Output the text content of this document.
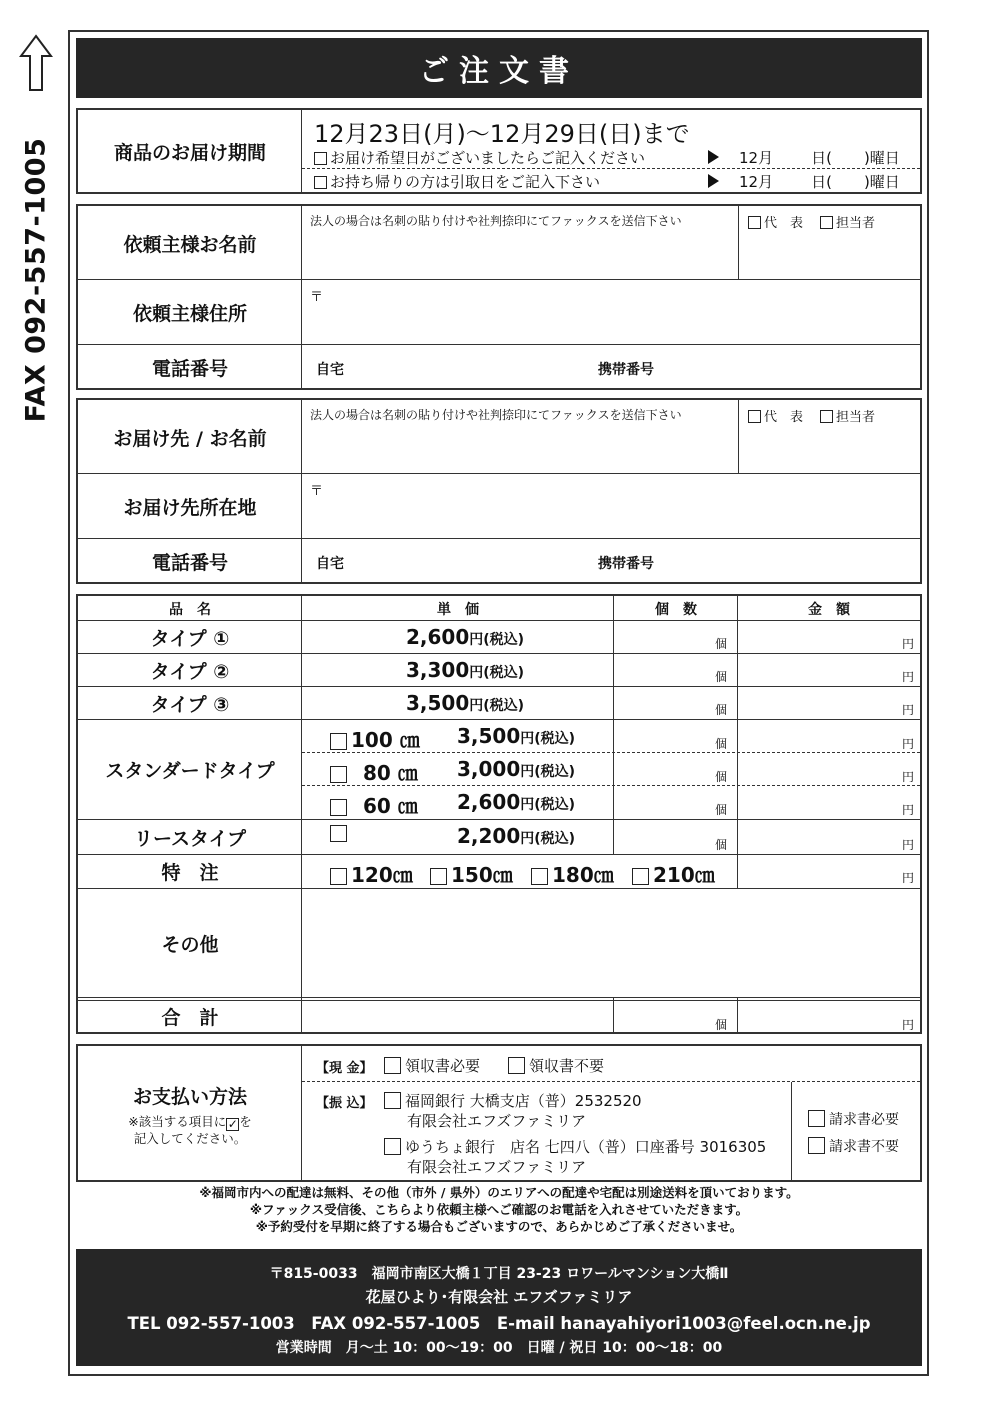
FAX 092-557-1005
ご注文書
商品のお届け期間
12月23日(月)〜12月29日(日)まで
お届け希望日がございましたらご記入ください	12月	日( )曜日
お持ち帰りの方は引取日をご記入下さい	12月	日( )曜日
依頼主様お名前
法人の場合は名刺の貼り付けや社判捺印にてファックスを送信下さい	代　表	担当者
依頼主様住所
〒
電話番号	自宅	携帯番号
お届け先 / お名前
法人の場合は名刺の貼り付けや社判捺印にてファックスを送信下さい	代　表	担当者
お届け先所在地
〒
電話番号	自宅	携帯番号
品　名	単　価	個　数	金　額
タイプ ①	2,600円(税込)	個	円
タイプ ②	3,300円(税込)	個	円
タイプ ③	3,500円(税込)	個	円
スタンダードタイプ
100 ㎝ 3,500円(税込)	個	円
80 ㎝ 3,000円(税込)	個	円
60 ㎝ 2,600円(税込)	個	円
リースタイプ	2,200円(税込)	個	円
特　注	120㎝	150㎝	180㎝	210㎝	円
その他
合　計	個	円
お支払い方法
※該当する項目に✓を
記入してください。
【現 金】	領収書必要	領収書不要
【振 込】	福岡銀行 大橋支店（普）2532520
有限会社エフズファミリア
ゆうちょ銀行　店名 七四八（普）口座番号 3016305
有限会社エフズファミリア
請求書必要
請求書不要
※福岡市内への配達は無料、その他（市外 / 県外）のエリアへの配達や宅配は別途送料を頂いております。
※ファックス受信後、こちらより依頼主様へご確認のお電話を入れさせていただきます。
※予約受付を早期に終了する場合もございますので、あらかじめご了承くださいませ。
〒815-0033　福岡市南区大橋１丁目 23-23 ロワールマンション大橋Ⅱ
花屋ひより･有限会社 エフズファミリア
TEL 092-557-1003　FAX 092-557-1005　E-mail hanayahiyori1003@feel.ocn.ne.jp
営業時間　月〜土 10：00〜19：00　日曜 / 祝日 10：00〜18：00
